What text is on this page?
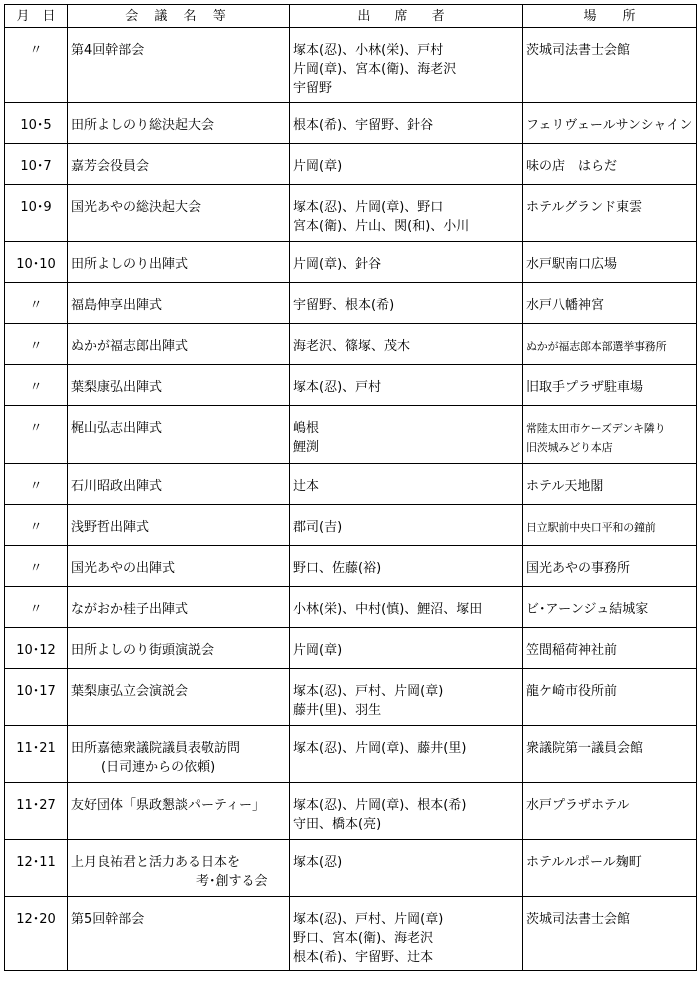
月　日	会 議 名 等	出 席 者	場　　所
〃	第4回幹部会	塚本(忍)、小林(栄)、戸村
片岡(章)、宮本(衛)、海老沢
宇留野	茨城司法書士会館

10･5	田所よしのり総決起大会	根本(希)、宇留野、針谷	フェリヴェールサンシャイン

10･7	嘉芳会役員会	片岡(章)	味の店　はらだ

10･9	国光あやの総決起大会	塚本(忍)、片岡(章)、野口
宮本(衛)、片山、関(和)、小川	ホテルグランド東雲

10･10	田所よしのり出陣式	片岡(章)、針谷	水戸駅南口広場

〃	福島伸享出陣式	宇留野、根本(希)	水戸八幡神宮

〃	ぬかが福志郎出陣式	海老沢、篠塚、茂木	ぬかが福志郎本部選挙事務所

〃	葉梨康弘出陣式	塚本(忍)、戸村	旧取手プラザ駐車場

〃	梶山弘志出陣式	嶋根
鯉渕	常陸太田市ケーズデンキ隣り
旧茨城みどり本店

〃	石川昭政出陣式	辻本	ホテル天地閣

〃	浅野哲出陣式	郡司(吉)	日立駅前中央口平和の鐘前

〃	国光あやの出陣式	野口、佐藤(裕)	国光あやの事務所

〃	ながおか桂子出陣式	小林(栄)、中村(慎)、鯉沼、塚田	ビ･アーンジュ結城家

10･12	田所よしのり街頭演説会	片岡(章)	笠間稲荷神社前

10･17	葉梨康弘立会演説会	塚本(忍)、戸村、片岡(章)
藤井(里)、羽生	龍ケ崎市役所前

11･21	田所嘉徳衆議院議員表敬訪問
(日司連からの依頼)	塚本(忍)、片岡(章)、藤井(里)	衆議院第一議員会館

11･27	友好団体「県政懇談パーティー」	塚本(忍)、片岡(章)、根本(希)
守田、橋本(亮)	水戸プラザホテル

12･11	上月良祐君と活力ある日本を
考･創する会	塚本(忍)	ホテルルポール麹町

12･20	第5回幹部会	塚本(忍)、戸村、片岡(章)
野口、宮本(衛)、海老沢
根本(希)、宇留野、辻本	茨城司法書士会館
